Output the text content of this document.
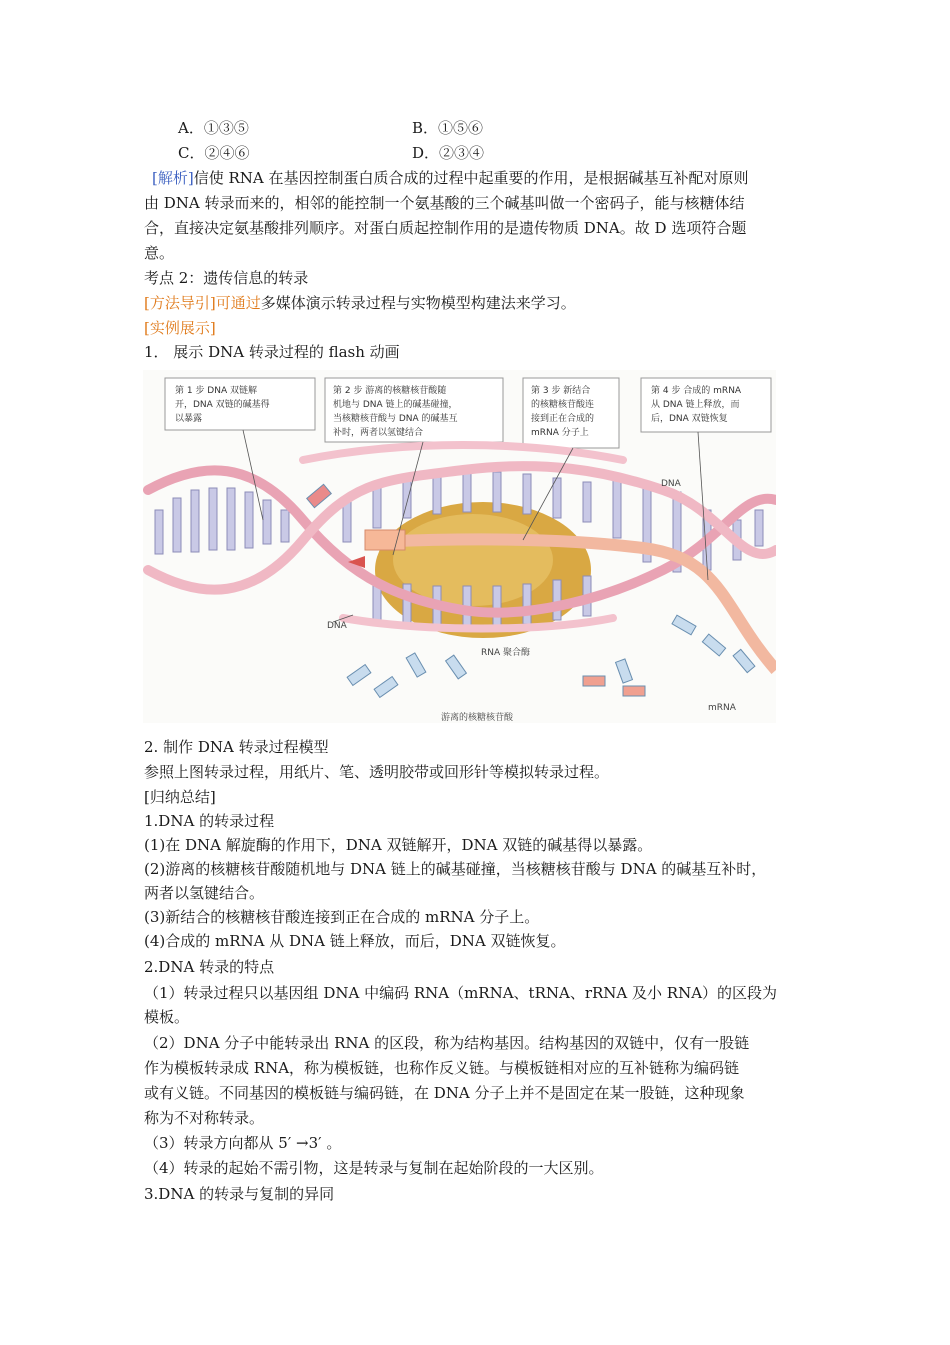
A．①③⑤	B．①⑤⑥
C．②④⑥	D．②③④
[解析]信使 RNA 在基因控制蛋白质合成的过程中起重要的作用，是根据碱基互补配对原则
由 DNA 转录而来的，相邻的能控制一个氨基酸的三个碱基叫做一个密码子，能与核糖体结
合，直接决定氨基酸排列顺序。对蛋白质起控制作用的是遗传物质 DNA。故 D 选项符合题
意。
考点 2：遗传信息的转录
[方法导引]可通过多媒体演示转录过程与实物模型构建法来学习。
[实例展示]
1． 展示 DNA 转录过程的 flash 动画
第 1 步 DNA 双链解
开，DNA 双链的碱基得
以暴露
第 2 步 游离的核糖核苷酸随
机地与 DNA 链上的碱基碰撞，
当核糖核苷酸与 DNA 的碱基互
补时，两者以氢键结合
第 3 步 新结合
的核糖核苷酸连
接到正在合成的
mRNA 分子上
第 4 步 合成的 mRNA
从 DNA 链上释放，而
后，DNA 双链恢复
DNA
DNA
RNA 聚合酶
游离的核糖核苷酸
mRNA
2. 制作 DNA 转录过程模型
参照上图转录过程，用纸片、笔、透明胶带或回形针等模拟转录过程。
[归纳总结]
1.DNA 的转录过程
(1)在 DNA 解旋酶的作用下，DNA 双链解开，DNA 双链的碱基得以暴露。
(2)游离的核糖核苷酸随机地与 DNA 链上的碱基碰撞，当核糖核苷酸与 DNA 的碱基互补时，
两者以氢键结合。
(3)新结合的核糖核苷酸连接到正在合成的 mRNA 分子上。
(4)合成的 mRNA 从 DNA 链上释放，而后，DNA 双链恢复。
2.DNA 转录的特点
（1）转录过程只以基因组 DNA 中编码 RNA（mRNA、tRNA、rRNA 及小 RNA）的区段为
模板。
（2）DNA 分子中能转录出 RNA 的区段，称为结构基因。结构基因的双链中，仅有一股链
作为模板转录成 RNA，称为模板链，也称作反义链。与模板链相对应的互补链称为编码链
或有义链。不同基因的模板链与编码链，在 DNA 分子上并不是固定在某一股链，这种现象
称为不对称转录。
（3）转录方向都从 5′ →3′ 。
（4）转录的起始不需引物，这是转录与复制在起始阶段的一大区别。
3.DNA 的转录与复制的异同
